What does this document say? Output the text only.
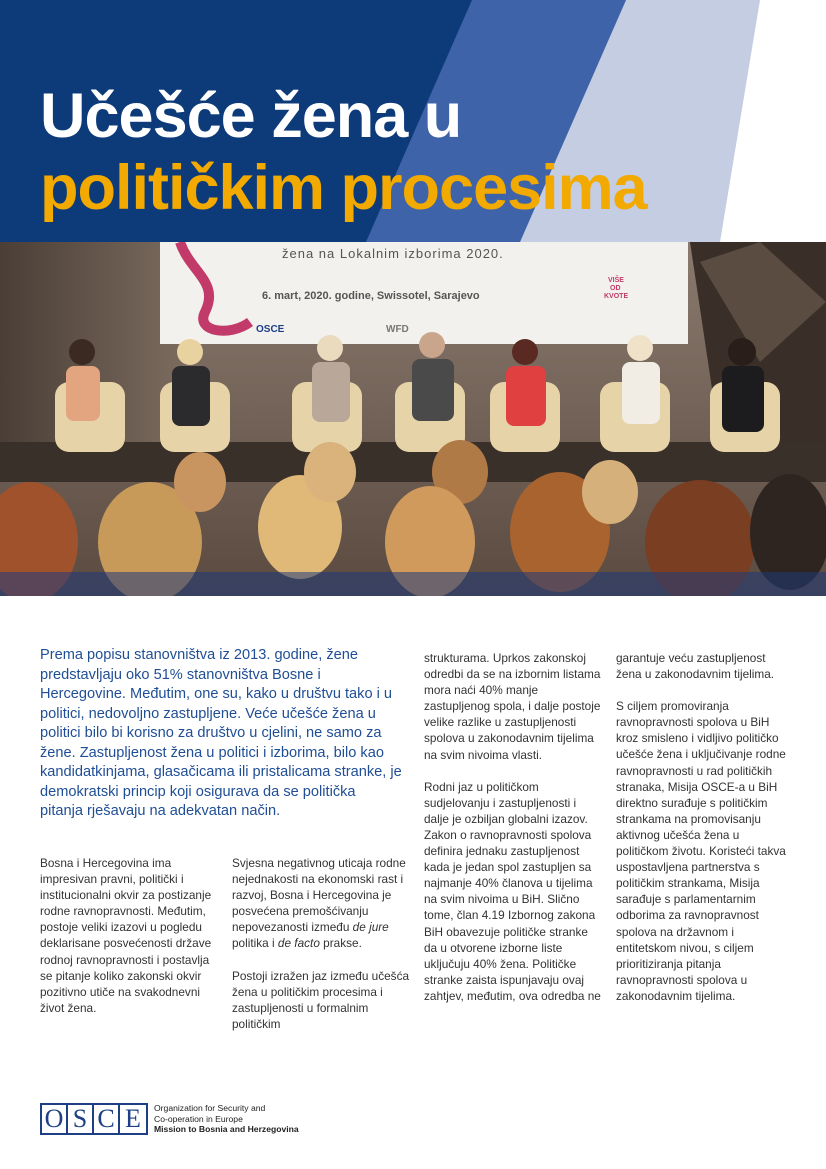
Učešće žena u
političkim procesima
žena na Lokalnim izborima 2020.
6. mart, 2020. godine, Swissotel, Sarajevo
VIŠE
OD
KVOTE
OSCE	WFD

Prema popisu stanovništva iz 2013. godine, žene predstavljaju oko 51% stanovništva Bosne i Hercegovine. Međutim, one su, kako u društvu tako i u politici, nedovoljno zastupljene. Veće učešće žena u politici bilo bi korisno za društvo u cjelini, ne samo za žene. Zastupljenost žena u politici i izborima, bilo kao kandidatkinjama, glasačicama ili pristalicama stranke, je demokratski princip koji osigurava da se politička pitanja rješavaju na adekvatan način.

Bosna i Hercegovina ima impresivan pravni, politički i institucionalni okvir za postizanje rodne ravnopravnosti. Međutim, postoje veliki izazovi u pogledu deklarisane posvećenosti države rodnoj ravnopravnosti i postavlja se pitanje koliko zakonski okvir pozitivno utiče na svakodnevni život žena.

Svjesna negativnog uticaja rodne nejednakosti na ekonomski rast i razvoj, Bosna i Hercegovina je posvećena premošćivanju nepovezanosti između de jure politika i de facto prakse.

Postoji izražen jaz između učešća žena u političkim procesima i zastupljenosti u formalnim političkim

strukturama. Uprkos zakonskoj odredbi da se na izbornim listama mora naći 40% manje zastupljenog spola, i dalje postoje velike razlike u zastupljenosti spolova u zakonodavnim tijelima na svim nivoima vlasti.

Rodni jaz u političkom sudjelovanju i zastupljenosti i dalje je ozbiljan globalni izazov. Zakon o ravnopravnosti spolova definira jednaku zastupljenost kada je jedan spol zastupljen sa najmanje 40% članova u tijelima na svim nivoima u BiH. Slično tome, član 4.19 Izbornog zakona BiH obavezuje političke stranke da u otvorene izborne liste uključuju 40% žena. Političke stranke zaista ispunjavaju ovaj zahtjev, međutim, ova odredba ne

garantuje veću zastupljenost žena u zakonodavnim tijelima.

S ciljem promoviranja ravnopravnosti spolova u BiH kroz smisleno i vidljivo političko učešće žena i uključivanje rodne ravnopravnosti u rad političkih stranaka, Misija OSCE-a u BiH direktno surađuje s političkim strankama na promovisanju aktivnog učešća žena u političkom životu. Koristeći takva uspostavljena partnerstva s političkim strankama, Misija sarađuje s parlamentarnim odborima za ravnopravnost spolova na državnom i entitetskom nivou, s ciljem prioritiziranja pitanja ravnopravnosti spolova u zakonodavnim tijelima.

O S C E	Organization for Security and
Co-operation in Europe
Mission to Bosnia and Herzegovina
